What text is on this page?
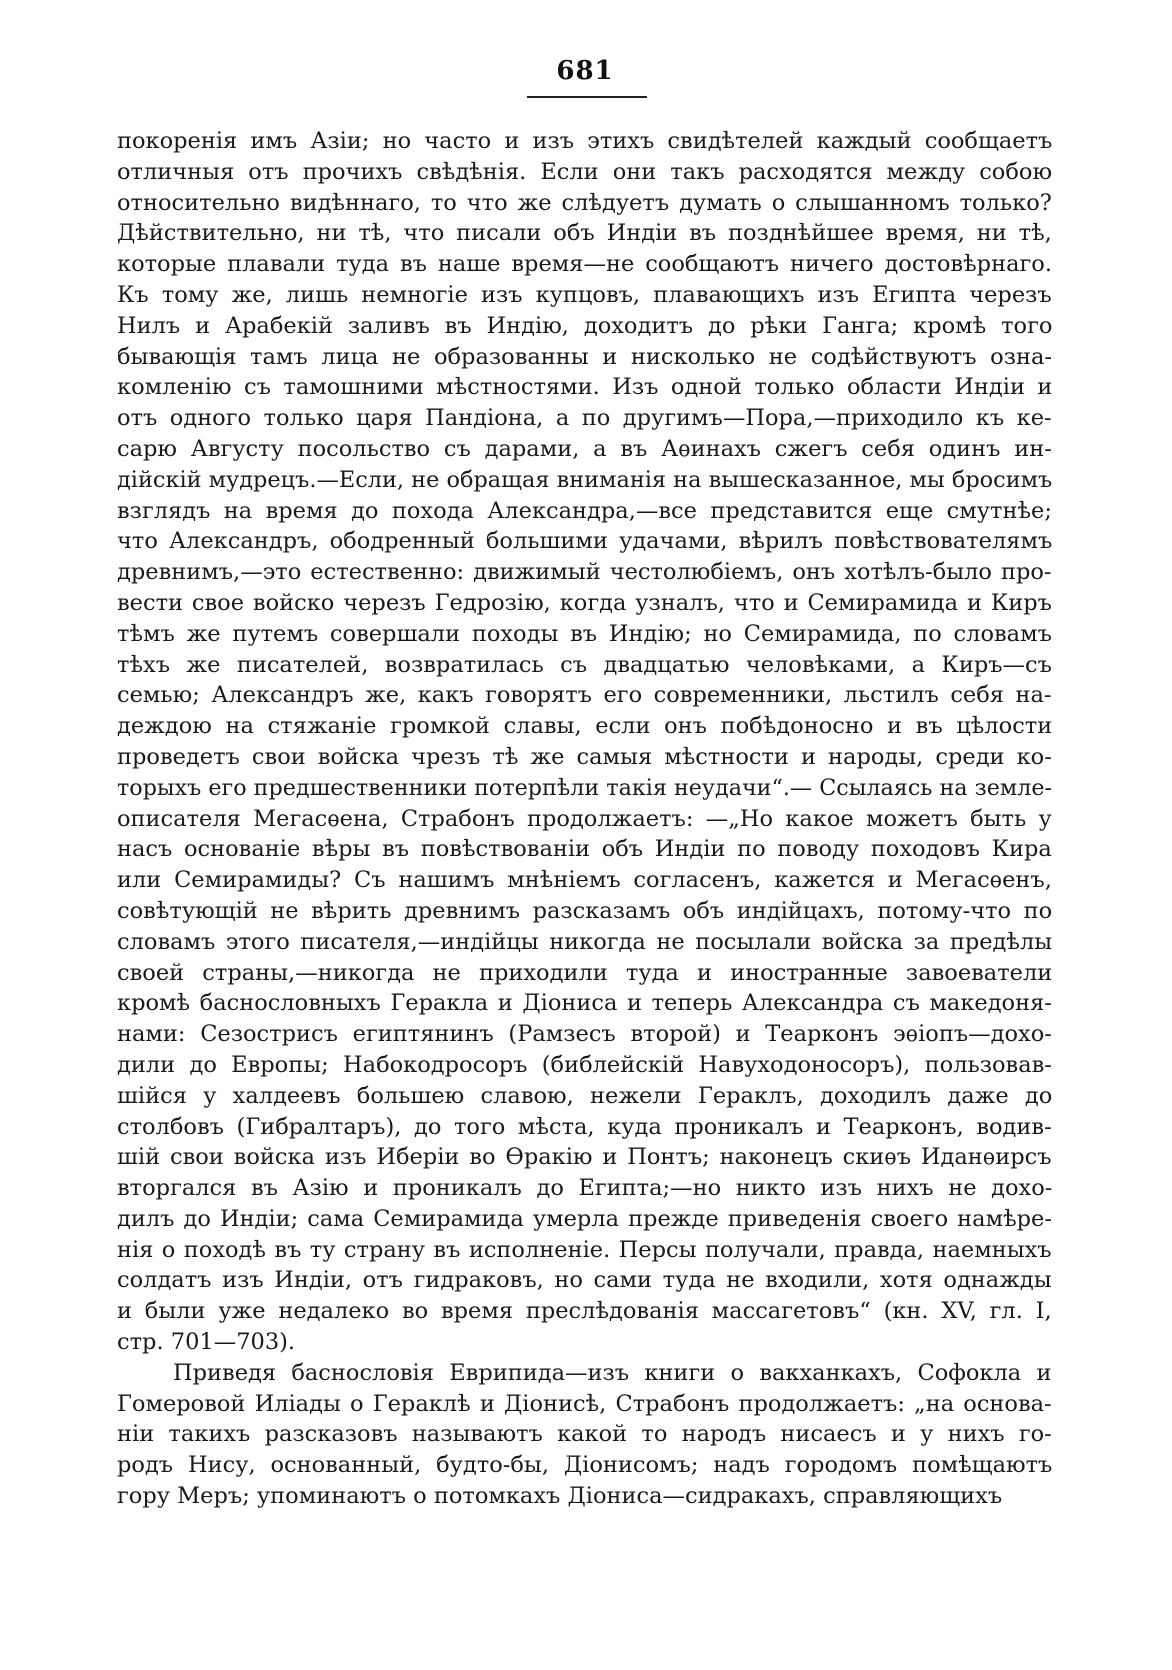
681
покоренія имъ Азіи; но часто и изъ этихъ свидѣтелей каждый сообщаетъ
отличныя отъ прочихъ свѣдѣнія. Если они такъ расходятся между собою
относительно видѣннаго, то что же слѣдуетъ думать о слышанномъ только?
Дѣйствительно, ни тѣ, что писали объ Индіи въ позднѣйшее время, ни тѣ,
которые плавали туда въ наше время—не сообщаютъ ничего достовѣрнаго.
Къ тому же, лишь немногіе изъ купцовъ, плавающихъ изъ Египта черезъ
Нилъ и Арабекій заливъ въ Индію, доходитъ до рѣки Ганга; кромѣ того
бывающія тамъ лица не образованны и нисколько не содѣйствуютъ озна-
комленію съ тамошними мѣстностями. Изъ одной только области Индіи и
отъ одного только царя Пандіона, а по другимъ—Пора,—приходило къ ке-
сарю Августу посольство съ дарами, а въ Аѳинахъ сжегъ себя одинъ ин-
дійскій мудрецъ.—Если, не обращая вниманія на вышесказанное, мы бросимъ
взглядъ на время до похода Александра,—все представится еще смутнѣе;
что Александръ, ободренный большими удачами, вѣрилъ повѣствователямъ
древнимъ,—это естественно: движимый честолюбіемъ, онъ хотѣлъ-было про-
вести свое войско черезъ Гедрозію, когда узналъ, что и Семирамида и Киръ
тѣмъ же путемъ совершали походы въ Индію; но Семирамида, по словамъ
тѣхъ же писателей, возвратилась съ двадцатью человѣками, а Киръ—съ
семью; Александръ же, какъ говорятъ его современники, льстилъ себя на-
деждою на стяжаніе громкой славы, если онъ побѣдоносно и въ цѣлости
проведетъ свои войска чрезъ тѣ же самыя мѣстности и народы, среди ко-
торыхъ его предшественники потерпѣли такія неудачи“.— Ссылаясь на земле-
описателя Мегасѳена, Страбонъ продолжаетъ: —„Но какое можетъ быть у
насъ основаніе вѣры въ повѣствованіи объ Индіи по поводу походовъ Кира
или Семирамиды? Съ нашимъ мнѣніемъ согласенъ, кажется и Мегасѳенъ,
совѣтующій не вѣрить древнимъ разсказамъ объ индійцахъ, потому-что по
словамъ этого писателя,—индійцы никогда не посылали войска за предѣлы
своей страны,—никогда не приходили туда и иностранные завоеватели
кромѣ баснословныхъ Геракла и Діониса и теперь Александра съ македоня-
нами: Сезострисъ египтянинъ (Рамзесъ второй) и Теарконъ эѳіопъ—дохо-
дили до Европы; Набокодросоръ (библейскій Навуходоносоръ), пользовав-
шійся у халдеевъ большею славою, нежели Гераклъ, доходилъ даже до
столбовъ (Гибралтаръ), до того мѣста, куда проникалъ и Теарконъ, водив-
шій свои войска изъ Иберіи во Ѳракію и Понтъ; наконецъ скиѳъ Иданѳирсъ
вторгался въ Азію и проникалъ до Египта;—но никто изъ нихъ не дохо-
дилъ до Индіи; сама Семирамида умерла прежде приведенія своего намѣре-
нія о походѣ въ ту страну въ исполненіе. Персы получали, правда, наемныхъ
солдатъ изъ Индіи, отъ гидраковъ, но сами туда не входили, хотя однажды
и были уже недалеко во время преслѣдованія массагетовъ“ (кн. XV, гл. I,
стр. 701—703).
Приведя баснословія Еврипида—изъ книги о вакханкахъ, Софокла и
Гомеровой Иліады о Гераклѣ и Діонисѣ, Страбонъ продолжаетъ: „на основа-
ніи такихъ разсказовъ называютъ какой то народъ нисаесъ и у нихъ го-
родъ Нису, основанный, будто-бы, Діонисомъ; надъ городомъ помѣщаютъ
гору Меръ; упоминаютъ о потомкахъ Діониса—сидракахъ, справляющихъ
